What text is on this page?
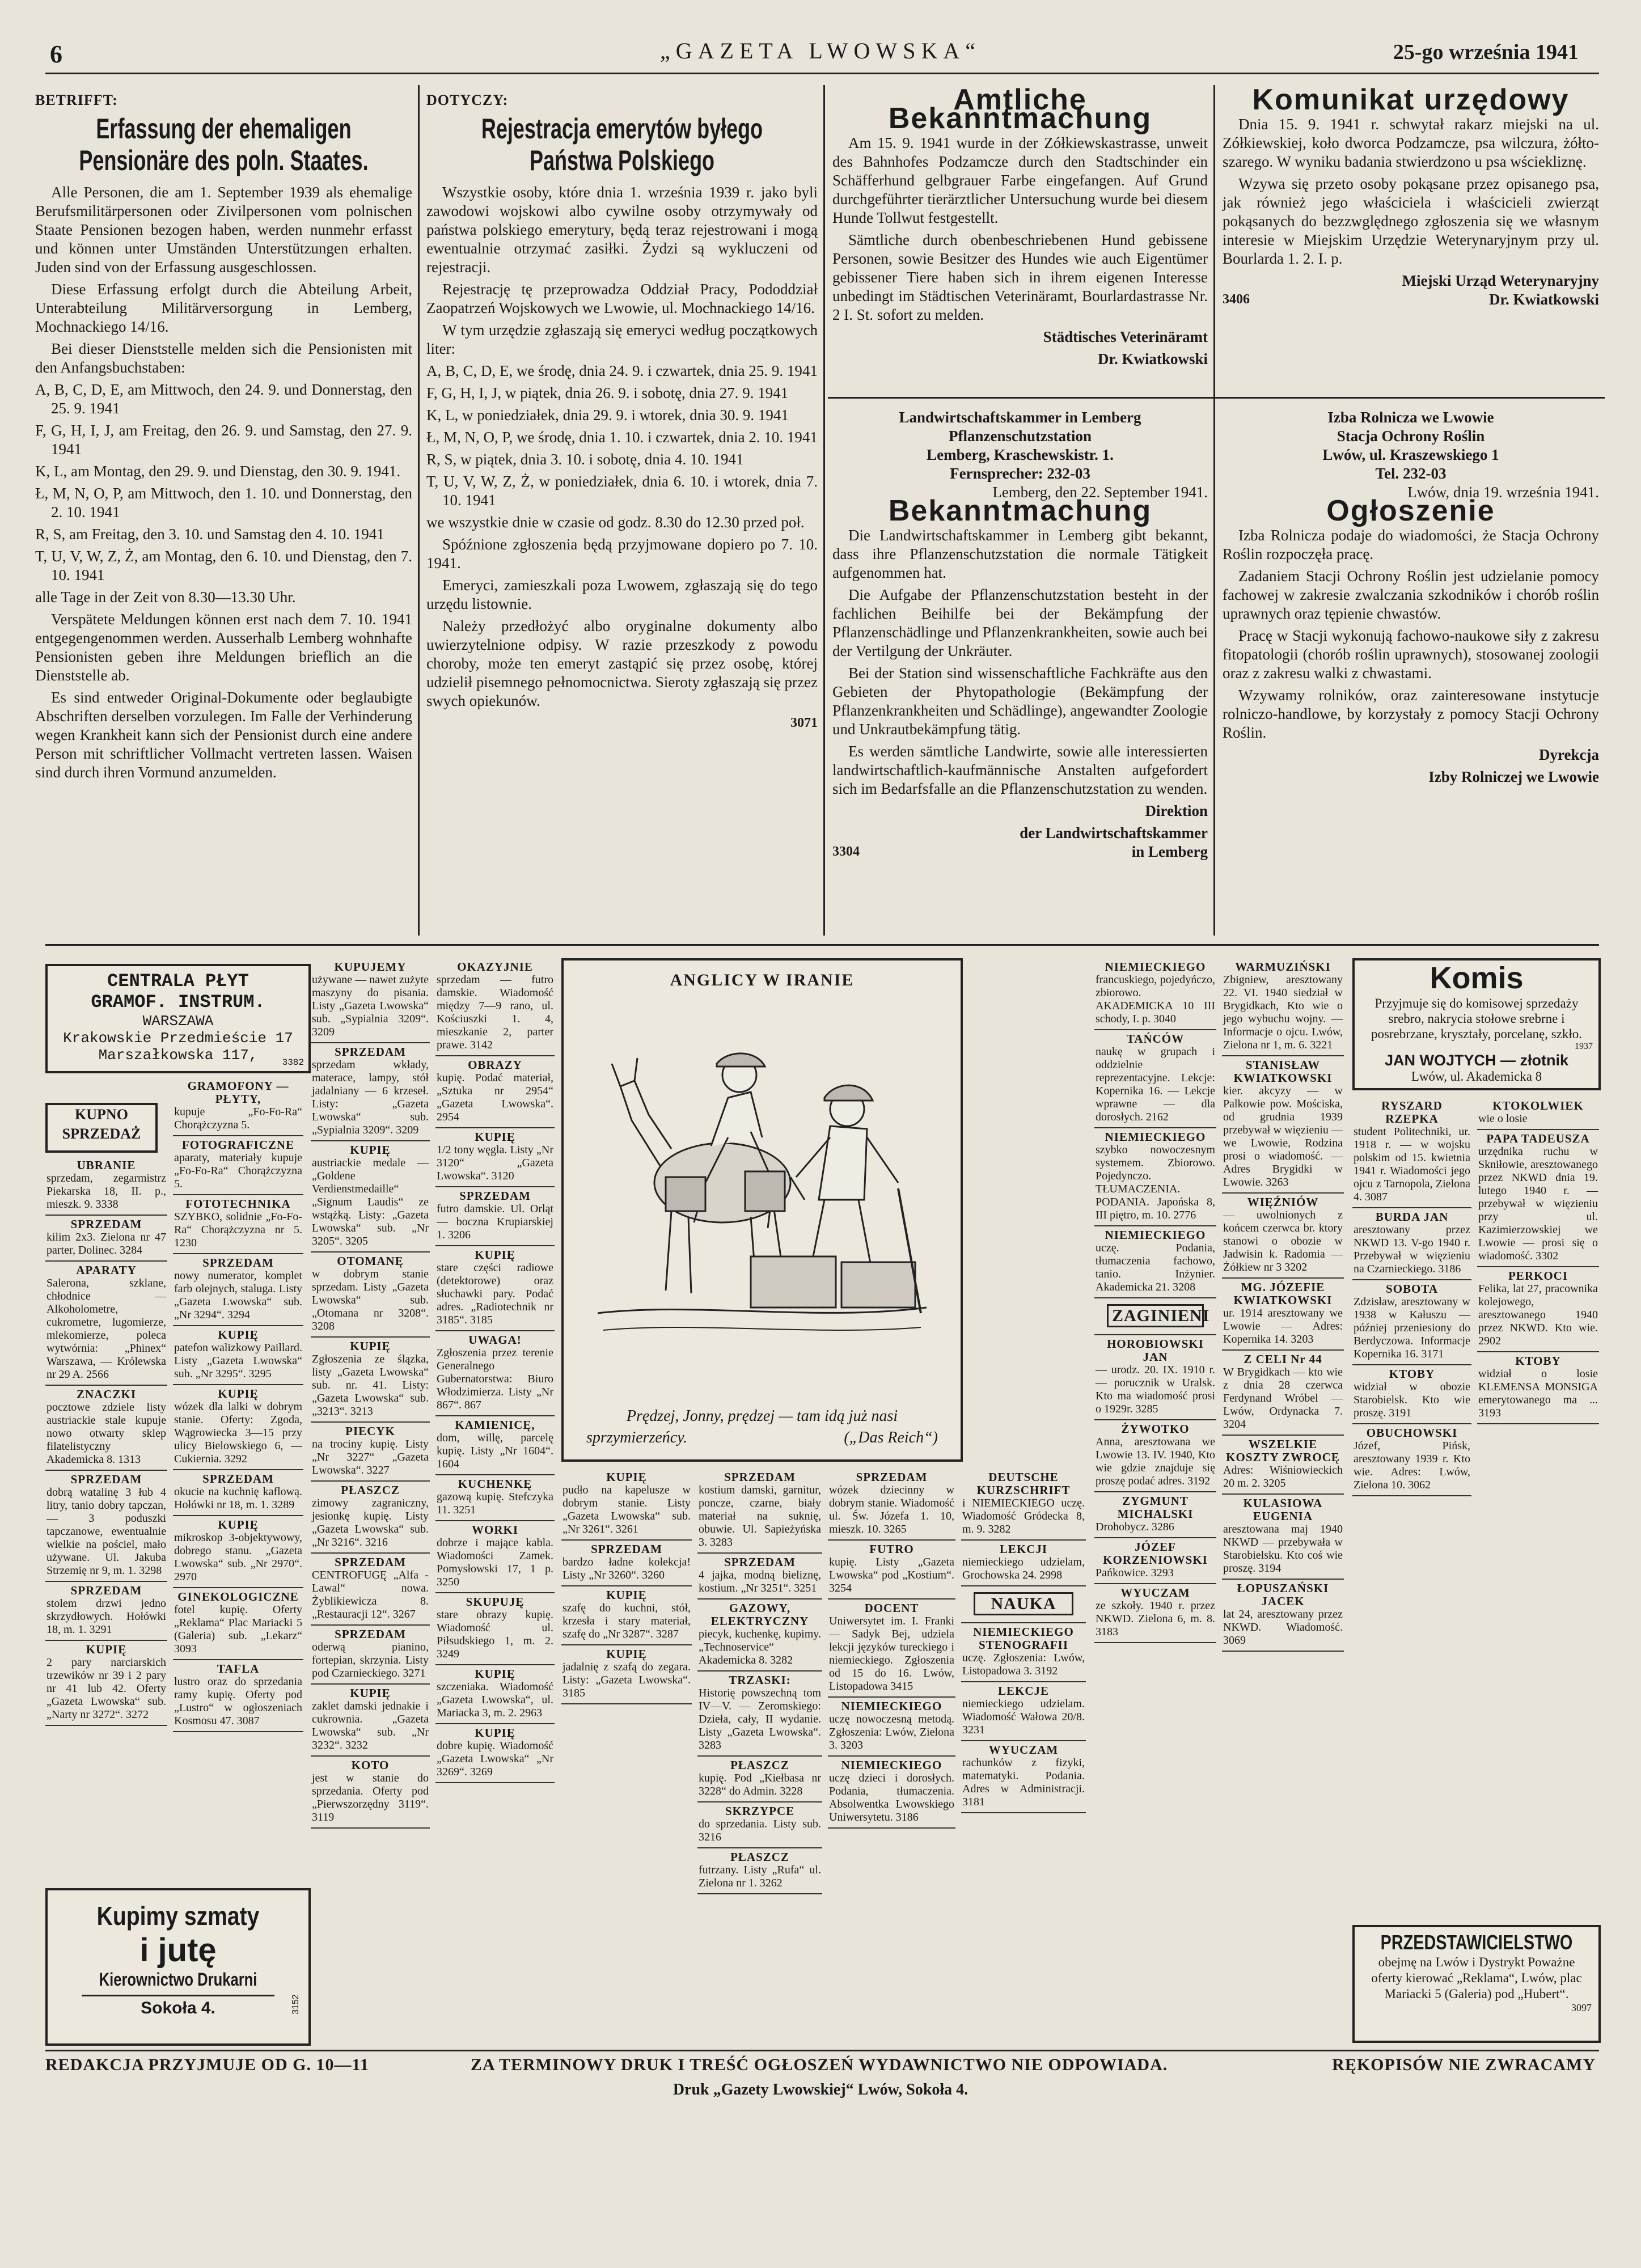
6	„GAZETA LWOWSKA“	25-go września 1941
BETRIFFT:
Erfassung der ehemaligen Pensionäre des poln. Staates.

Alle Personen, die am 1. September 1939 als ehemalige Berufsmilitärpersonen oder Zivilpersonen vom polnischen Staate Pensionen bezogen haben, werden nunmehr erfasst und können unter Umständen Unterstützungen erhalten. Juden sind von der Erfassung ausgeschlossen.

Diese Erfassung erfolgt durch die Abteilung Arbeit, Unterabteilung Militärversorgung in Lemberg, Mochnackiego 14/16.

Bei dieser Dienststelle melden sich die Pensionisten mit den Anfangsbuchstaben:

A, B, C, D, E, am Mittwoch, den 24. 9. und Donnerstag, den 25. 9. 1941

F, G, H, I, J, am Freitag, den 26. 9. und Samstag, den 27. 9. 1941

K, L, am Montag, den 29. 9. und Dienstag, den 30. 9. 1941.

Ł, M, N, O, P, am Mittwoch, den 1. 10. und Donnerstag, den 2. 10. 1941

R, S, am Freitag, den 3. 10. und Samstag den 4. 10. 1941

T, U, V, W, Z, Ż, am Montag, den 6. 10. und Dienstag, den 7. 10. 1941

alle Tage in der Zeit von 8.30—13.30 Uhr.

Verspätete Meldungen können erst nach dem 7. 10. 1941 entgegengenommen werden. Ausserhalb Lemberg wohnhafte Pensionisten geben ihre Meldungen brieflich an die Dienststelle ab.

Es sind entweder Original-Dokumente oder beglaubigte Abschriften derselben vorzulegen. Im Falle der Verhinderung wegen Krankheit kann sich der Pensionist durch eine andere Person mit schriftlicher Vollmacht vertreten lassen. Waisen sind durch ihren Vormund anzumelden.

DOTYCZY:
Rejestracja emerytów byłego Państwa Polskiego

Wszystkie osoby, które dnia 1. września 1939 r. jako byli zawodowi wojskowi albo cywilne osoby otrzymywały od państwa polskiego emerytury, będą teraz rejestrowani i mogą ewentualnie otrzymać zasiłki. Żydzi są wykluczeni od rejestracji.

Rejestrację tę przeprowadza Oddział Pracy, Pododdział Zaopatrzeń Wojskowych we Lwowie, ul. Mochnackiego 14/16.

W tym urzędzie zgłaszają się emeryci według początkowych liter:

A, B, C, D, E, we środę, dnia 24. 9. i czwartek, dnia 25. 9. 1941

F, G, H, I, J, w piątek, dnia 26. 9. i sobotę, dnia 27. 9. 1941

K, L, w poniedziałek, dnia 29. 9. i wtorek, dnia 30. 9. 1941

Ł, M, N, O, P, we środę, dnia 1. 10. i czwartek, dnia 2. 10. 1941

R, S, w piątek, dnia 3. 10. i sobotę, dnia 4. 10. 1941

T, U, V, W, Z, Ż, w poniedziałek, dnia 6. 10. i wtorek, dnia 7. 10. 1941

we wszystkie dnie w czasie od godz. 8.30 do 12.30 przed poł.

Spóźnione zgłoszenia będą przyjmowane dopiero po 7. 10. 1941.

Emeryci, zamieszkali poza Lwowem, zgłaszają się do tego urzędu listownie.

Należy przedłożyć albo oryginalne dokumenty albo uwierzytelnione odpisy. W razie przeszkody z powodu choroby, może ten emeryt zastąpić się przez osobę, której udzielił pisemnego pełnomocnictwa. Sieroty zgłaszają się przez swych opiekunów.

3071
Amtliche Bekanntmachung

Am 15. 9. 1941 wurde in der Zółkiewskastrasse, unweit des Bahnhofes Podzamcze durch den Stadtschinder ein Schäfferhund gelbgrauer Farbe eingefangen. Auf Grund durchgeführter tierärztlicher Untersuchung wurde bei diesem Hunde Tollwut festgestellt.

Sämtliche durch obenbeschriebenen Hund gebissene Personen, sowie Besitzer des Hundes wie auch Eigentümer gebissener Tiere haben sich in ihrem eigenen Interesse unbedingt im Städtischen Veterinäramt, Bourlardastrasse Nr. 2 I. St. sofort zu melden.

Städtisches Veterinäramt
Dr. Kwiatkowski
Komunikat urzędowy

Dnia 15. 9. 1941 r. schwytał rakarz miejski na ul. Zółkiewskiej, koło dworca Podzamcze, psa wilczura, żółto-szarego. W wyniku badania stwierdzono u psa wściekliznę.

Wzywa się przeto osoby pokąsane przez opisanego psa, jak również jego właściciela i właścicieli zwierząt pokąsanych do bezzwględnego zgłoszenia się we własnym interesie w Miejskim Urzędzie Weterynaryjnym przy ul. Bourlarda 1. 2. I. p.

Miejski Urząd Weterynaryjny
3406	Dr. Kwiatkowski
Landwirtschaftskammer in Lemberg
Pflanzenschutzstation
Lemberg, Kraschewskistr. 1.
Fernsprecher: 232-03
Lemberg, den 22. September 1941.
Bekanntmachung

Die Landwirtschaftskammer in Lemberg gibt bekannt, dass ihre Pflanzenschutzstation die normale Tätigkeit aufgenommen hat.

Die Aufgabe der Pflanzenschutzstation besteht in der fachlichen Beihilfe bei der Bekämpfung der Pflanzenschädlinge und Pflanzenkrankheiten, sowie auch bei der Vertilgung der Unkräuter.

Bei der Station sind wissenschaftliche Fachkräfte aus den Gebieten der Phytopathologie (Bekämpfung der Pflanzenkrankheiten und Schädlinge), angewandter Zoologie und Unkrautbekämpfung tätig.

Es werden sämtliche Landwirte, sowie alle interessierten landwirtschaftlich-kaufmännische Anstalten aufgefordert sich im Bedarfsfalle an die Pflanzenschutzstation zu wenden.

Direktion
der Landwirtschaftskammer
3304	in Lemberg
Izba Rolnicza we Lwowie
Stacja Ochrony Roślin
Lwów, ul. Kraszewskiego 1
Tel. 232-03
Lwów, dnia 19. września 1941.
Ogłoszenie

Izba Rolnicza podaje do wiadomości, że Stacja Ochrony Roślin rozpoczęła pracę.

Zadaniem Stacji Ochrony Roślin jest udzielanie pomocy fachowej w zakresie zwalczania szkodników i chorób roślin uprawnych oraz tępienie chwastów.

Pracę w Stacji wykonują fachowo-naukowe siły z zakresu fitopatologii (chorób roślin uprawnych), stosowanej zoologii oraz z zakresu walki z chwastami.

Wzywamy rolników, oraz zainteresowane instytucje rolniczo-handlowe, by korzystały z pomocy Stacji Ochrony Roślin.

Dyrekcja
Izby Rolniczej we Lwowie
CENTRALA PŁYT
GRAMOF. INSTRUM.
WARSZAWA
Krakowskie Przedmieście 17
Marszałkowska 117,	3382
KUPNO
SPRZEDAŻ
Kupimy szmaty
i jutę
Kierownictwo Drukarni
Sokoła 4.	3152
UBRANIE
sprzedam, zegarmistrz Piekarska 18, II. p., mieszk. 9. 3338
SPRZEDAM
kilim 2x3. Zielona nr 47 parter, Dolinec. 3284
APARATY
Salerona, szklane, chłodnice — Alkoholometre, cukrometre, lugomierze, mlekomierze, poleca wytwórnia: „Phinex“ Warszawa, — Królewska nr 29 A. 2566
ZNACZKI
pocztowe zdziele listy austriackie stale kupuje nowo otwarty sklep filatelistyczny Akademicka 8. 1313
SPRZEDAM
dobrą watalinę 3 łub 4 litry, tanio dobry tapczan, — 3 poduszki tapczanowe, ewentualnie wielkie na pościel, mało używane. Ul. Jakuba Strzemię nr 9, m. 1. 3298
SPRZEDAM
stolem drzwi jedno skrzydłowych. Hołówki 18, m. 1. 3291
KUPIĘ
2 pary narciarskich trzewików nr 39 i 2 pary nr 41 lub 42. Oferty „Gazeta Lwowska“ sub. „Narty nr 3272“. 3272
GRAMOFONY — PŁYTY,
kupuje „Fo-Fo-Ra“ Chorążczyzna 5.
FOTOGRAFICZNE
aparaty, materiały kupuje „Fo-Fo-Ra“ Chorążczyzna 5.
FOTOTECHNIKA
SZYBKO, solidnie „Fo-Fo-Ra“ Chorążczyzna nr 5. 1230
SPRZEDAM
nowy numerator, komplet farb olejnych, staluga. Listy „Gazeta Lwowska“ sub. „Nr 3294“. 3294
KUPIĘ
patefon walizkowy Paillard. Listy „Gazeta Lwowska“ sub. „Nr 3295“. 3295
KUPIĘ
wózek dla lalki w dobrym stanie. Oferty: Zgoda, Wągrowiecka 3—15 przy ulicy Bielowskiego 6, — Cukiernia. 3292
SPRZEDAM
okucie na kuchnię kaflową. Hołówki nr 18, m. 1. 3289
KUPIĘ
mikroskop 3-objektywowy, dobrego stanu. „Gazeta Lwowska“ sub. „Nr 2970“. 2970
GINEKOLOGICZNE
fotel kupię. Oferty „Reklama“ Plac Mariacki 5 (Galeria) sub. „Lekarz“ 3093
TAFLA
lustro oraz do sprzedania ramy kupię. Oferty pod „Lustro“ w ogłoszeniach Kosmosu 47. 3087
KUPUJEMY
używane — nawet zużyte maszyny do pisania. Listy „Gazeta Lwowska“ sub. „Sypialnia 3209“. 3209
SPRZEDAM
sprzedam wkłady, materace, lampy, stół jadalniany — 6 krzeseł. Listy: „Gazeta Lwowska“ sub. „Sypialnia 3209“. 3209
KUPIĘ
austriackie medale — „Goldene Verdienstmedaille“ „Signum Laudis“ ze wstążką. Listy: „Gazeta Lwowska“ sub. „Nr 3205“. 3205
OTOMANĘ
w dobrym stanie sprzedam. Listy „Gazeta Lwowska“ sub. „Otomana nr 3208“. 3208
KUPIĘ
Zgłoszenia ze ślązka, listy „Gazeta Lwowska“ sub. nr. 41. Listy: „Gazeta Lwowska“ sub. „3213“. 3213
PIECYK
na trociny kupię. Listy „Nr 3227“ „Gazeta Lwowska“. 3227
PŁASZCZ
zimowy zagraniczny, jesionkę kupię. Listy „Gazeta Lwowska“ sub. „Nr 3216“. 3216
SPRZEDAM
CENTROFUGĘ „Alfa - Lawal“ nowa. Żyblikiewicza 8. „Restauracji 12“. 3267
SPRZEDAM
oderwą pianino, fortepian, skrzynia. Listy pod Czarnieckiego. 3271
KUPIĘ
zaklet damski jednakie i cukrownia. „Gazeta Lwowska“ sub. „Nr 3232“. 3232
KOTO
jest w stanie do sprzedania. Oferty pod „Pierwszorzędny 3119“. 3119
OKAZYJNIE
sprzedam — futro damskie. Wiadomość między 7—9 rano, ul. Kościuszki 1. 4, mieszkanie 2, parter prawe. 3142
OBRAZY
kupię. Podać materiał, „Sztuka nr 2954“ „Gazeta Lwowska“. 2954
KUPIĘ
1/2 tony węgla. Listy „Nr 3120“ „Gazeta Lwowska“. 3120
SPRZEDAM
futro damskie. Ul. Orląt — boczna Krupiarskiej 1. 3206
KUPIĘ
stare części radiowe (detektorowe) oraz słuchawki pary. Podać adres. „Radiotechnik nr 3185“. 3185
UWAGA!
Zgłoszenia przez terenie Generalnego Gubernatorstwa: Biuro Włodzimierza. Listy „Nr 867“. 867
KAMIENICĘ,
dom, willę, parcelę kupię. Listy „Nr 1604“. 1604
KUCHENKĘ
gazową kupię. Stefczyka 11. 3251
WORKI
dobrze i mające kabla. Wiadomości Zamek. Pomysłowski 17, 1 p. 3250
SKUPUJĘ
stare obrazy kupię. Wiadomość ul. Piłsudskiego 1, m. 2. 3249
KUPIĘ
szczeniaka. Wiadomość „Gazeta Lwowska“, ul. Mariacka 3, m. 2. 2963
KUPIĘ
dobre kupię. Wiadomość „Gazeta Lwowska“ „Nr 3269“. 3269
ANGLICY W IRANIE
Prędzej, Jonny, prędzej — tam idą już nasi
sprzymierzeńcy.	(„Das Reich“)
KUPIĘ
pudło na kapelusze w dobrym stanie. Listy „Gazeta Lwowska“ sub. „Nr 3261“. 3261
SPRZEDAM
bardzo ładne kolekcja! Listy „Nr 3260“. 3260
KUPIĘ
szafę do kuchni, stół, krzesła i stary materiał, szafę do „Nr 3287“. 3287
KUPIĘ
jadalnię z szafą do zegara. Listy: „Gazeta Lwowska“. 3185
SPRZEDAM
kostium damski, garnitur, poncze, czarne, biały materiał na suknię, obuwie. Ul. Sapieżyńska 3. 3283
SPRZEDAM
4 jajka, modną bieliznę, kostium. „Nr 3251“. 3251
GAZOWY, ELEKTRYCZNY
piecyk, kuchenkę, kupimy. „Technoservice“ Akademicka 8. 3282
TRZASKI:
Historię powszechną tom IV—V. — Zeromskiego: Dzieła, cały, II wydanie. Listy „Gazeta Lwowska“. 3283
PŁASZCZ
kupię. Pod „Kiełbasa nr 3228“ do Admin. 3228
SKRZYPCE
do sprzedania. Listy sub. 3216
PŁASZCZ
futrzany. Listy „Rufa“ ul. Zielona nr 1. 3262
SPRZEDAM
wózek dziecinny w dobrym stanie. Wiadomość ul. Św. Józefa 1. 10, mieszk. 10. 3265
FUTRO
kupię. Listy „Gazeta Lwowska“ pod „Kostium“. 3254
DOCENT
Uniwersytet im. I. Franki — Sadyk Bej, udziela lekcji języków tureckiego i niemieckiego. Zgłoszenia od 15 do 16. Lwów, Listopadowa 3415
NIEMIECKIEGO
uczę nowoczesną metodą. Zgłoszenia: Lwów, Zielona 3. 3203
NIEMIECKIEGO
uczę dzieci i dorosłych. Podania, tłumaczenia. Absolwentka Lwowskiego Uniwersytetu. 3186
DEUTSCHE KURZSCHRIFT
i NIEMIECKIEGO uczę. Wiadomość Gródecka 8, m. 9. 3282
LEKCJI
niemieckiego udzielam, Grochowska 24. 2998
NAUKA
NIEMIECKIEGO STENOGRAFII
uczę. Zgłoszenia: Lwów, Listopadowa 3. 3192
LEKCJE
niemieckiego udzielam. Wiadomość Wałowa 20/8. 3231
WYUCZAM
rachunków z fizyki, matematyki. Podania. Adres w Administracji. 3181
NIEMIECKIEGO
francuskiego, pojedyńczo, zbiorowo. AKADEMICKA 10 III schody, I. p. 3040
TAŃCÓW
naukę w grupach i oddzielnie reprezentacyjne. Lekcje: Kopernika 16. — Lekcje wprawne — dla dorosłych. 2162
NIEMIECKIEGO
szybko nowoczesnym systemem. Zbiorowo. Pojedynczo. TŁUMACZENIA. PODANIA. Japońska 8, III piętro, m. 10. 2776
NIEMIECKIEGO
uczę. Podania, tłumaczenia fachowo, tanio. Inżynier. Akademicka 21. 3208
ZAGINIENI
HOROBIOWSKI JAN
— urodz. 20. IX. 1910 r. — porucznik w Uralsk. Kto ma wiadomość prosi o 1929r. 3285
ŻYWOTKO
Anna, aresztowana we Lwowie 13. IV. 1940, Kto wie gdzie znajduje się proszę podać adres. 3192
ZYGMUNT MICHALSKI
Drohobycz. 3286
JÓZEF KORZENIOWSKI
Pańkowice. 3293
WYUCZAM
ze szkoły. 1940 r. przez NKWD. Zielona 6, m. 8. 3183
WARMUZIŃSKI
Zbigniew, aresztowany 22. VI. 1940 siedział w Brygidkach, Kto wie o jego wybuchu wojny. — Informacje o ojcu. Lwów, Zielona nr 1, m. 6. 3221
STANISŁAW KWIATKOWSKI
kier. akcyzy — w Palkowie pow. Mościska, od grudnia 1939 przebywał w więzieniu — we Lwowie, Rodzina prosi o wiadomość. — Adres Brygidki w Lwowie. 3263
WIĘŹNIÓW
— uwolnionych z końcem czerwca br. ktory stanowi o obozie w Jadwisin k. Radomia — Żółkiew nr 3 3202
MG. JÓZEFIE KWIATKOWSKI
ur. 1914 aresztowany we Lwowie — Adres: Kopernika 14. 3203
Z CELI Nr 44
W Brygidkach — kto wie z dnia 28 czerwca Ferdynand Wróbel — Lwów, Ordynacka 7. 3204
WSZELKIE KOSZTY ZWROCĘ
Adres: Wiśniowieckich 20 m. 2. 3205
KULASIOWA EUGENIA
aresztowana maj 1940 NKWD — przebywała w Starobielsku. Kto coś wie proszę. 3194
ŁOPUSZAŃSKI JACEK
lat 24, aresztowany przez NKWD. Wiadomość. 3069
Komis
Przyjmuje się do komisowej sprzedaży srebro, nakrycia stołowe srebrne i posrebrzane, kryształy, porcelanę, szkło.
1937
JAN WOJTYCH — złotnik
Lwów, ul. Akademicka 8
RYSZARD RZEPKA
student Politechniki, ur. 1918 r. — w wojsku polskim od 15. kwietnia 1941 r. Wiadomości jego ojcu z Tarnopola, Zielona 4. 3087
BURDA JAN
aresztowany przez NKWD 13. V-go 1940 r. Przebywał w więzieniu na Czarnieckiego. 3186
SOBOTA
Zdzisław, aresztowany w 1938 w Kałuszu — później przeniesiony do Berdyczowa. Informacje Kopernika 16. 3171
KTOBY
widział w obozie Starobielsk. Kto wie proszę. 3191
OBUCHOWSKI
Józef, Pińsk, aresztowany 1939 r. Kto wie. Adres: Lwów, Zielona 10. 3062
KTOKOLWIEK
wie o losie
PAPA TADEUSZA
urzędnika ruchu w Skniłowie, aresztowanego przez NKWD dnia 19. lutego 1940 r. — przebywał w więzieniu przy ul. Kazimierzowskiej we Lwowie — prosi się o wiadomość. 3302
PERKOCI
Felika, lat 27, pracownika kolejowego, aresztowanego 1940 przez NKWD. Kto wie. 2902
KTOBY
widział o losie KLEMENSA MONSIGA emerytowanego ma ... 3193
PRZEDSTAWICIELSTWO
obejmę na Lwów i Dystrykt Poważne oferty kierować „Reklama“, Lwów, plac Mariacki 5 (Galeria) pod „Hubert“.
3097
REDAKCJA PRZYJMUJE OD G. 10—11	ZA TERMINOWY DRUK I TREŚĆ OGŁOSZEŃ WYDAWNICTWO NIE ODPOWIADA.	RĘKOPISÓW NIE ZWRACAMY
Druk „Gazety Lwowskiej“ Lwów, Sokoła 4.
